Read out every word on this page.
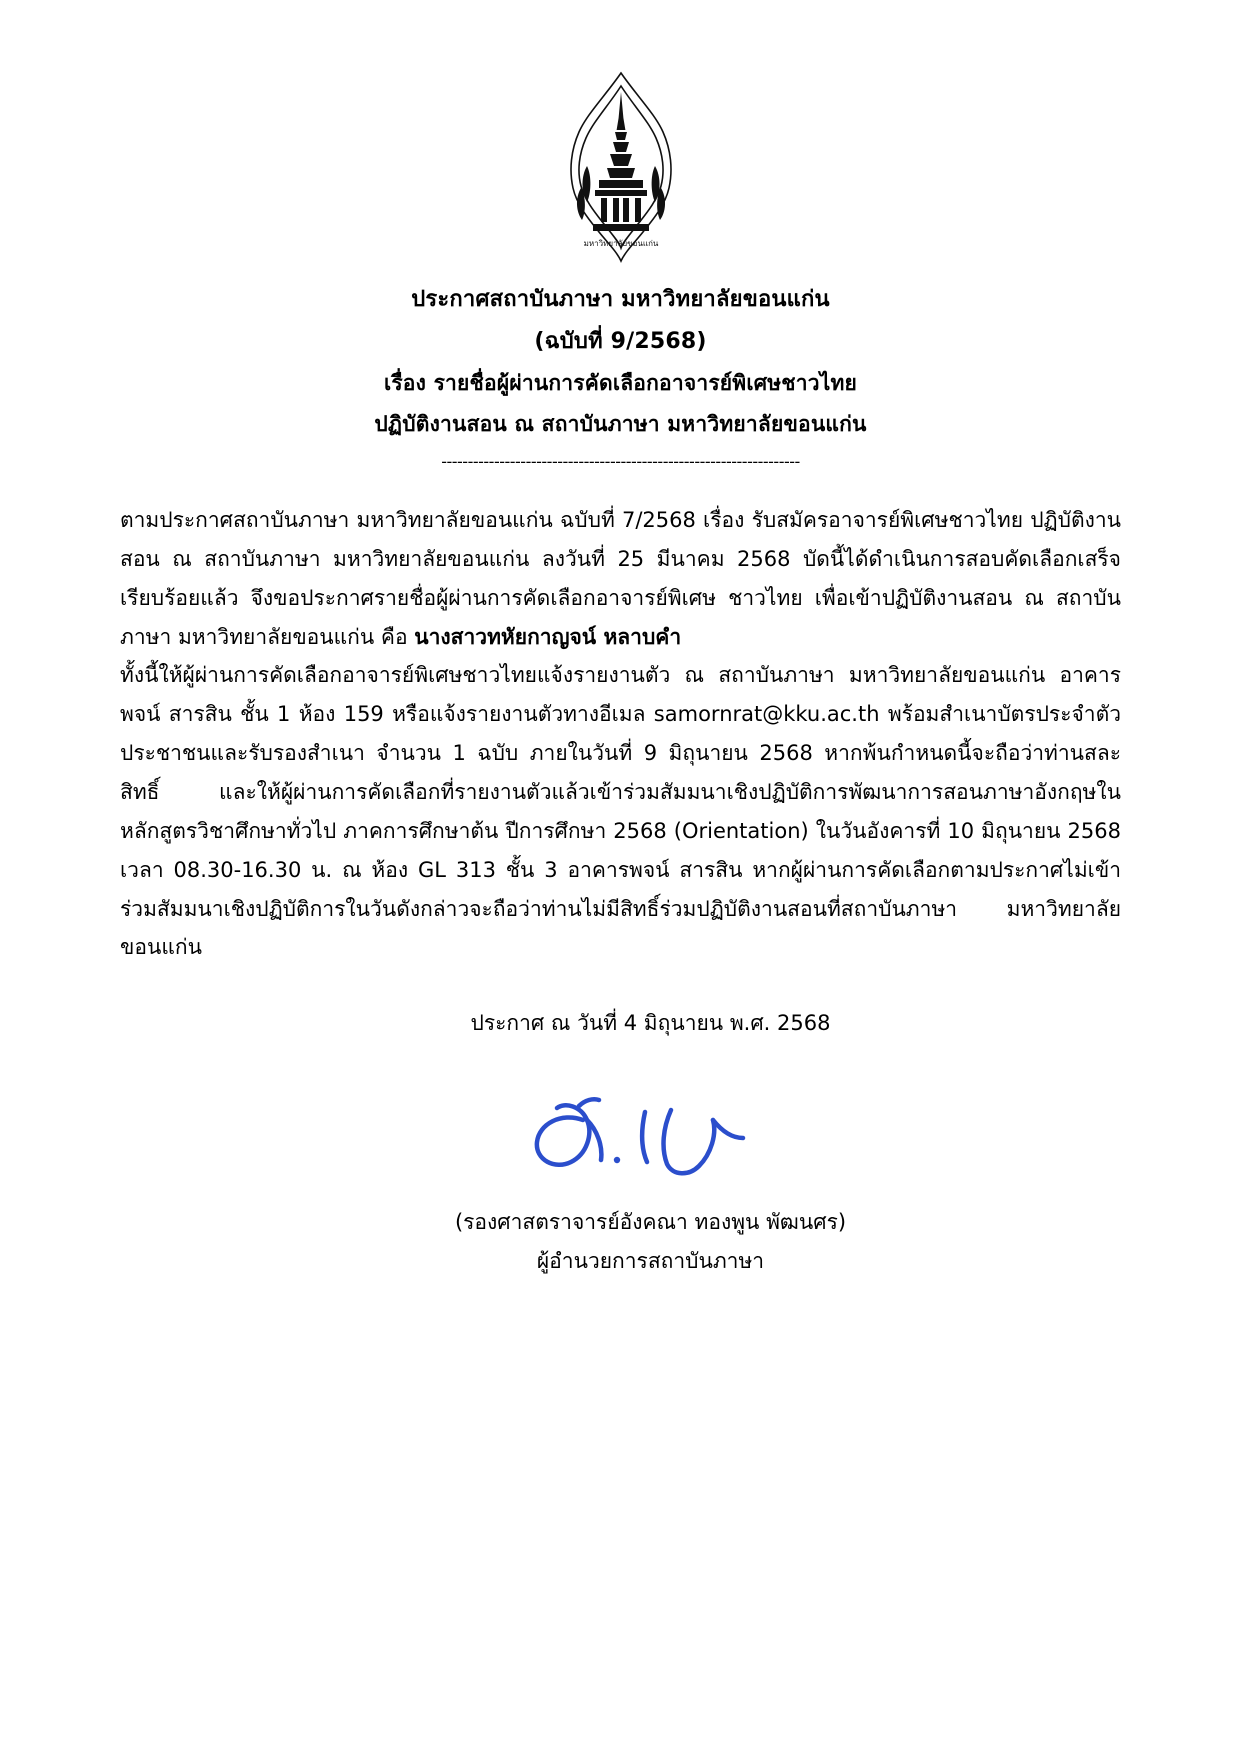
มหาวิทยาลัยขอนแก่น

ประกาศสถาบันภาษา มหาวิทยาลัยขอนแก่น

(ฉบับที่ 9/2568)

เรื่อง รายชื่อผู้ผ่านการคัดเลือกอาจารย์พิเศษชาวไทย

ปฏิบัติงานสอน ณ สถาบันภาษา มหาวิทยาลัยขอนแก่น

--------------------------------------------------------------------

ตามประกาศสถาบันภาษา มหาวิทยาลัยขอนแก่น ฉบับที่ 7/2568 เรื่อง รับสมัครอาจารย์พิเศษชาวไทย ปฏิบัติงานสอน ณ สถาบันภาษา มหาวิทยาลัยขอนแก่น ลงวันที่ 25 มีนาคม 2568 บัดนี้ได้ดำเนินการสอบคัดเลือกเสร็จเรียบร้อยแล้ว จึงขอประกาศรายชื่อผู้ผ่านการคัดเลือกอาจารย์พิเศษ ชาวไทย เพื่อเข้าปฏิบัติงานสอน ณ สถาบันภาษา มหาวิทยาลัยขอนแก่น คือ นางสาวทหัยกาญจน์ หลาบคำ

ทั้งนี้ให้ผู้ผ่านการคัดเลือกอาจารย์พิเศษชาวไทยแจ้งรายงานตัว ณ สถาบันภาษา มหาวิทยาลัยขอนแก่น อาคารพจน์ สารสิน ชั้น 1 ห้อง 159 หรือแจ้งรายงานตัวทางอีเมล samornrat@kku.ac.th พร้อมสำเนาบัตรประจำตัวประชาชนและรับรองสำเนา จำนวน 1 ฉบับ ภายในวันที่ 9 มิถุนายน 2568 หากพ้นกำหนดนี้จะถือว่าท่านสละสิทธิ์ และให้ผู้ผ่านการคัดเลือกที่รายงานตัวแล้วเข้าร่วมสัมมนาเชิงปฏิบัติการพัฒนาการสอนภาษาอังกฤษในหลักสูตรวิชาศึกษาทั่วไป ภาคการศึกษาต้น ปีการศึกษา 2568 (Orientation) ในวันอังคารที่ 10 มิถุนายน 2568 เวลา 08.30-16.30 น. ณ ห้อง GL 313 ชั้น 3 อาคารพจน์ สารสิน หากผู้ผ่านการคัดเลือกตามประกาศไม่เข้าร่วมสัมมนาเชิงปฏิบัติการในวันดังกล่าวจะถือว่าท่านไม่มีสิทธิ์ร่วมปฏิบัติงานสอนที่สถาบันภาษา มหาวิทยาลัยขอนแก่น

ประกาศ ณ วันที่ 4 มิถุนายน พ.ศ. 2568
(รองศาสตราจารย์อังคณา ทองพูน พัฒนศร)
ผู้อำนวยการสถาบันภาษา
